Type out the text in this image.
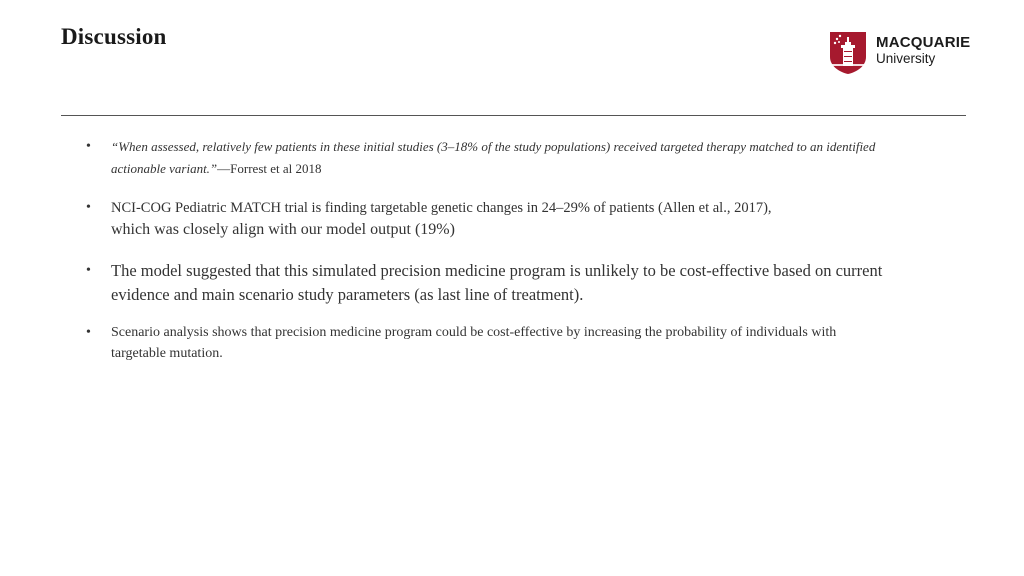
Discussion	MACQUARIE
University
• “When assessed, relatively few patients in these initial studies (3–18% of the study populations) received targeted therapy matched to an identified actionable variant.”—Forrest et al 2018
• NCI-COG Pediatric MATCH trial is finding targetable genetic changes in 24–29% of patients (Allen et al., 2017),
which was closely align with our model output (19%)
• The model suggested that this simulated precision medicine program is unlikely to be cost-effective based on current evidence and main scenario study parameters (as last line of treatment).
• Scenario analysis shows that precision medicine program could be cost-effective by increasing the probability of individuals with targetable mutation.
